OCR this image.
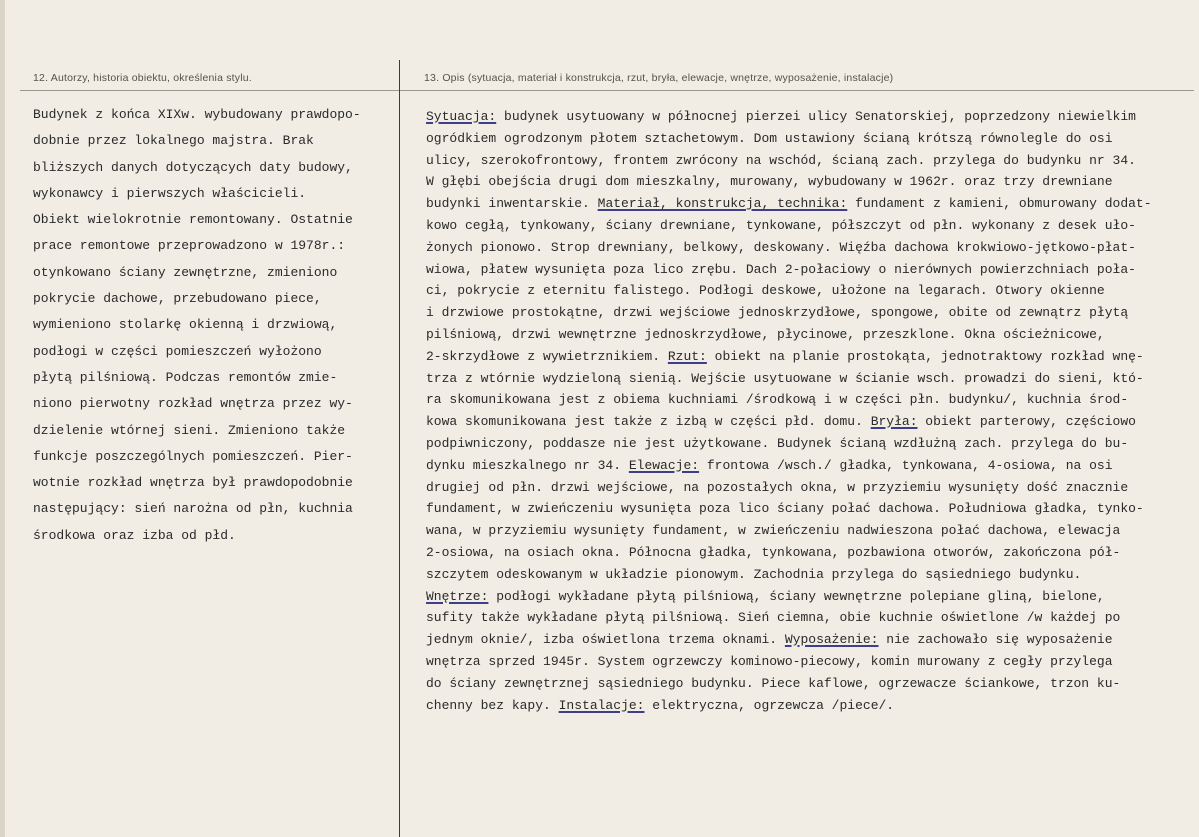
12. Autorzy, historia obiektu, określenia stylu.	13. Opis (sytuacja, materiał i konstrukcja, rzut, bryła, elewacje, wnętrze, wyposażenie, instalacje)
Budynek z końca XIXw. wybudowany prawdopo-
dobnie przez lokalnego majstra. Brak
bliższych danych dotyczących daty budowy,
wykonawcy i pierwszych właścicieli.
Obiekt wielokrotnie remontowany. Ostatnie
prace remontowe przeprowadzono w 1978r.:
otynkowano ściany zewnętrzne, zmieniono
pokrycie dachowe, przebudowano piece,
wymieniono stolarkę okienną i drzwiową,
podłogi w części pomieszczeń wyłożono
płytą pilśniową. Podczas remontów zmie-
niono pierwotny rozkład wnętrza przez wy-
dzielenie wtórnej sieni. Zmieniono także
funkcje poszczególnych pomieszczeń. Pier-
wotnie rozkład wnętrza był prawdopodobnie
następujący: sień narożna od płn, kuchnia
środkowa oraz izba od płd.
Sytuacja: budynek usytuowany w północnej pierzei ulicy Senatorskiej, poprzedzony niewielkim
ogródkiem ogrodzonym płotem sztachetowym. Dom ustawiony ścianą krótszą równolegle do osi
ulicy, szerokofrontowy, frontem zwrócony na wschód, ścianą zach. przylega do budynku nr 34.
W głębi obejścia drugi dom mieszkalny, murowany, wybudowany w 1962r. oraz trzy drewniane
budynki inwentarskie. Materiał, konstrukcja, technika: fundament z kamieni, obmurowany dodat-
kowo cegłą, tynkowany, ściany drewniane, tynkowane, półszczyt od płn. wykonany z desek uło-
żonych pionowo. Strop drewniany, belkowy, deskowany. Więźba dachowa krokwiowo-jętkowo-płat-
wiowa, płatew wysunięta poza lico zrębu. Dach 2-połaciowy o nierównych powierzchniach poła-
ci, pokrycie z eternitu falistego. Podłogi deskowe, ułożone na legarach. Otwory okienne
i drzwiowe prostokątne, drzwi wejściowe jednoskrzydłowe, spongowe, obite od zewnątrz płytą
pilśniową, drzwi wewnętrzne jednoskrzydłowe, płycinowe, przeszklone. Okna ościeżnicowe,
2-skrzydłowe z wywietrznikiem. Rzut: obiekt na planie prostokąta, jednotraktowy rozkład wnę-
trza z wtórnie wydzieloną sienią. Wejście usytuowane w ścianie wsch. prowadzi do sieni, któ-
ra skomunikowana jest z obiema kuchniami /środkową i w części płn. budynku/, kuchnia środ-
kowa skomunikowana jest także z izbą w części płd. domu. Bryła: obiekt parterowy, częściowo
podpiwniczony, poddasze nie jest użytkowane. Budynek ścianą wzdłużną zach. przylega do bu-
dynku mieszkalnego nr 34. Elewacje: frontowa /wsch./ gładka, tynkowana, 4-osiowa, na osi
drugiej od płn. drzwi wejściowe, na pozostałych okna, w przyziemiu wysunięty dość znacznie
fundament, w zwieńczeniu wysunięta poza lico ściany połać dachowa. Południowa gładka, tynko-
wana, w przyziemiu wysunięty fundament, w zwieńczeniu nadwieszona połać dachowa, elewacja
2-osiowa, na osiach okna. Północna gładka, tynkowana, pozbawiona otworów, zakończona pół-
szczytem odeskowanym w układzie pionowym. Zachodnia przylega do sąsiedniego budynku.
Wnętrze: podłogi wykładane płytą pilśniową, ściany wewnętrzne polepiane gliną, bielone,
sufity także wykładane płytą pilśniową. Sień ciemna, obie kuchnie oświetlone /w każdej po
jednym oknie/, izba oświetlona trzema oknami. Wyposażenie: nie zachowało się wyposażenie
wnętrza sprzed 1945r. System ogrzewczy kominowo-piecowy, komin murowany z cegły przylega
do ściany zewnętrznej sąsiedniego budynku. Piece kaflowe, ogrzewacze ściankowe, trzon ku-
chenny bez kapy. Instalacje: elektryczna, ogrzewcza /piece/.
